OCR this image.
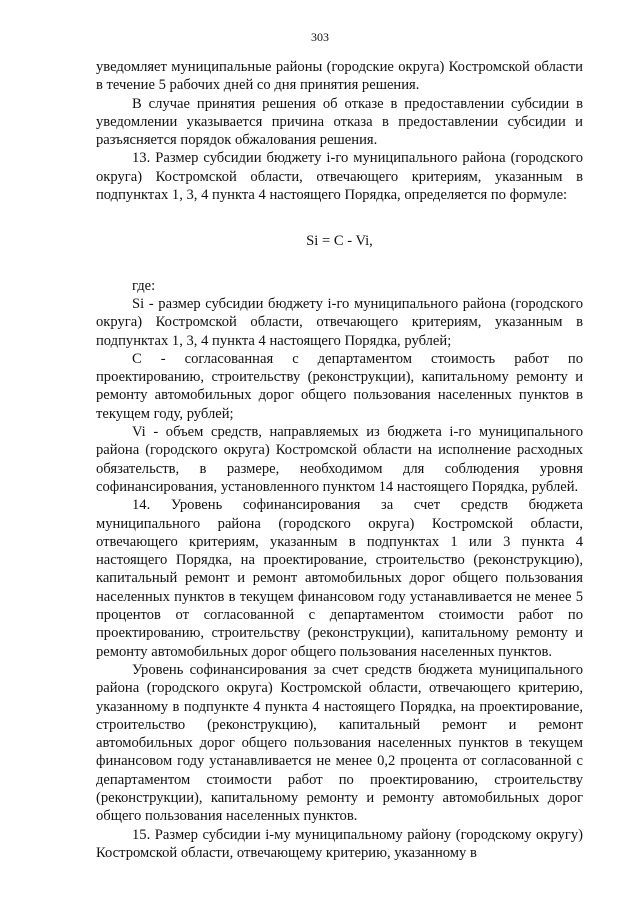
303

уведомляет муниципальные районы (городские округа) Костромской области в течение 5 рабочих дней со дня принятия решения.

В случае принятия решения об отказе в предоставлении субсидии в уведомлении указывается причина отказа в предоставлении субсидии и разъясняется порядок обжалования решения.

13. Размер субсидии бюджету i-го муниципального района (городского округа) Костромской области, отвечающего критериям, указанным в подпунктах 1, 3, 4 пункта 4 настоящего Порядка, определяется по формуле:

Si = C - Vi,

где:

Si - размер субсидии бюджету i-го муниципального района (городского округа) Костромской области, отвечающего критериям, указанным в подпунктах 1, 3, 4 пункта 4 настоящего Порядка, рублей;

C - согласованная с департаментом стоимость работ по проектированию, строительству (реконструкции), капитальному ремонту и ремонту автомобильных дорог общего пользования населенных пунктов в текущем году, рублей;

Vi - объем средств, направляемых из бюджета i-го муниципального района (городского округа) Костромской области на исполнение расходных обязательств, в размере, необходимом для соблюдения уровня софинансирования, установленного пунктом 14 настоящего Порядка, рублей.

14. Уровень софинансирования за счет средств бюджета муниципального района (городского округа) Костромской области, отвечающего критериям, указанным в подпунктах 1 или 3 пункта 4 настоящего Порядка, на проектирование, строительство (реконструкцию), капитальный ремонт и ремонт автомобильных дорог общего пользования населенных пунктов в текущем финансовом году устанавливается не менее 5 процентов от согласованной с департаментом стоимости работ по проектированию, строительству (реконструкции), капитальному ремонту и ремонту автомобильных дорог общего пользования населенных пунктов.

Уровень софинансирования за счет средств бюджета муниципального района (городского округа) Костромской области, отвечающего критерию, указанному в подпункте 4 пункта 4 настоящего Порядка, на проектирование, строительство (реконструкцию), капитальный ремонт и ремонт автомобильных дорог общего пользования населенных пунктов в текущем финансовом году устанавливается не менее 0,2 процента от согласованной с департаментом стоимости работ по проектированию, строительству (реконструкции), капитальному ремонту и ремонту автомобильных дорог общего пользования населенных пунктов.

15. Размер субсидии i-му муниципальному району (городскому округу) Костромской области, отвечающему критерию, указанному в
